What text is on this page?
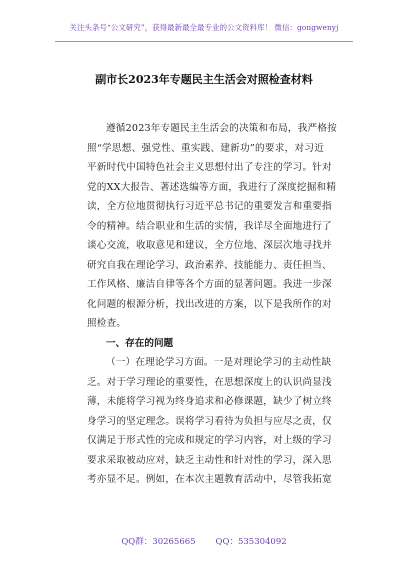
关注头条号“公文研究”，获得最新最全最专业的公文资料库！ 微信：gongwenyj
副市长2023年专题民主生活会对照检查材料
遵循2023年专题民主生活会的决策和布局，我严格按
照“学思想、强党性、重实践、建新功”的要求，对习近
平新时代中国特色社会主义思想付出了专注的学习。针对
党的XX大报告、著述选编等方面，我进行了深度挖掘和精
读，全方位地贯彻执行习近平总书记的重要发言和重要指
令的精神。结合职业和生活的实情，我详尽全面地进行了
谈心交流，收取意见和建议，全方位地、深层次地寻找并
研究自我在理论学习、政治素养、技能能力、责任担当、
工作风格、廉洁自律等各个方面的显著问题。我进一步深
化问题的根源分析，找出改进的方案，以下是我所作的对
照检查。
一、存在的问题
（一）在理论学习方面。一是对理论学习的主动性缺
乏。对于学习理论的重要性，在思想深度上的认识尚显浅
薄，未能将学习视为终身追求和必修课题，缺少了树立终
身学习的坚定理念。误将学习看待为负担与应尽之责，仅
仅满足于形式性的完成和规定的学习内容，对上级的学习
要求采取被动应对，缺乏主动性和针对性的学习，深入思
考亦显不足。例如，在本次主题教育活动中，尽管我拓宽
QQ群：30265665 QQ：535304092
